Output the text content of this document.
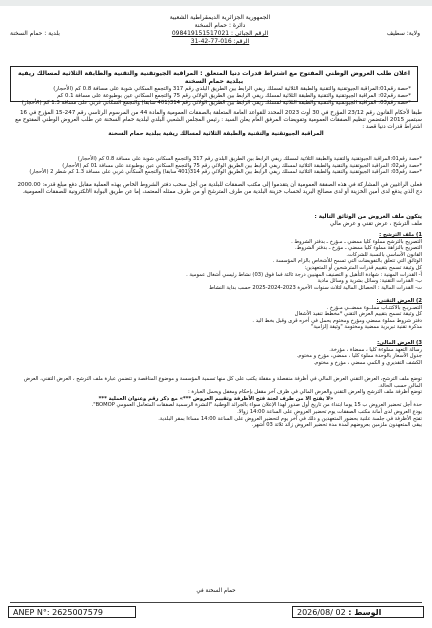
ولاية: سطيف
بلدية : حمام السخنة
الجمهورية الجزائرية الديمقراطية الشعبية
دائرة : حمام السخنة
الرقم الجبائي : 098419151517021
الرقم: 016-77-42-31
اعلان طلب العروض الوطني المفتوح مع اشتراط قدرات دنيا المتعلق : المراقبة الجيوتقنية والتقنية والطابقة الثلاثية لمسالك ريفية ببلدية حمام السخنة
*حصة رقم01:المراقبة الجيوتقنية والتقنية والطبقة الثلاثية لمسلك ريفي الرابط بين الطريق البلدي رقم 317 والتجمع السكاني شوبة على مسافة 0.8 كم (الأحجار)
*حصة رقم02: المراقبة الجيوتقنية والتقنية والطبقة الثلاثية لمسلك ريفي الرابط بين الطريق الولائي رقم 75 والتجمع السكاني عين بوطبوعة على مسافة 0.1 كم
*حصة رقم03: المراقبة الجيوتقنية والتقنية والطبقة الثلاثية لمسلك ريفي الرابط بين الطريق الولائي رقم 314(401 سابقا) والتجمع السكاني غربي على مسافة 1.3 كم (الأحجار)
طبقا لأحكام القانون رقم 23/12 المؤرخ في 30 أوت 2023 المحدد للقواعد العامة المتعلقة بالصفقات العمومية والمادة 44 من المرسوم الرئاسي رقم 247-15 المؤرخ في 16 سبتمبر 2015 المتضمن تنظيم الصفقات العمومية وتفويضات المرفق العام يعلن السيد : رئيس المجلس الشعبي البلدي لبلدية حمام السخنة عن طلب العروض الوطني المفتوح مع اشتراط قدرات دنيا قصد :
المراقبة الجيوتقنية والتقنية والطبقة الثلاثية لمسالك ريفية ببلدية حمام السخنة
*حصة رقم01:المراقبة الجيوتقنية والتقنية والطبقة الثلاثية لمسلك ريفي الرابط بين الطريق البلدي رقم 317 والتجمع السكاني شوبة على مسافة 0.8 كم (الأحجار)
*حصة رقم02: المراقبة الجيوتقنية والتقنية والطبقة الثلاثية لمسلك ريفي الرابط بين الطريق الولائي رقم 75 والتجمع السكاني عين بوطبوعة على مسافة 01 كم (الأحجار)
*حصة رقم03: المراقبة الجيوتقنية والتقنية والطبقة الثلاثية لمسلك ريفي الرابط بين الطريق الولائي رقم 314(401 سابقا) والتجمع السكاني غربي على مسافة 1.3 كم شطر 2 (الأحجار)
فعلى الراغبين في المشاركة في هذه الصفقة العمومية أن يتقدموا إلى مكتب الصفقات للبلدية من أجل سحب دفتر الشروط الخاص بهذه العملية مقابل دفع مبلغ قدره: 2000.00 دج الذي يدفع لدى أمين الخزينة أو لدى مصالح البريد لحساب خزينة البلدية من طرف المترشح أو من طرف ممثله المعتمد، إما عن طريق البوابة الالكترونية للصفقات العمومية.
يتكون ملف العروض من الوثائق التالية :
ملف الترشح ، عرض تقني و عرض مالي
1) ملف الترشح :
التصريح بالترشح مملوء كليا ممضي ـ مـؤرخ ـ بدفتر الشروط .
التصريح بالنزاهة مملوء كليا ممضي ـ مؤرخ ـ بدفتر الشروط.
القانون الأساسي بالنسبة للشركات.
الوثائق التي تتعلق بالتفويضات التي تسمح للأشخاص بالزام المؤسسة .
كل وثيقة تسمح بتقييم قدرات المترشحين أو المتعهدين:
أ- القدرات المهنية : شهادة التأهيل و التصنيف المهنيين درجة ثالثة فما فوق (03) نشاط رئيسي أشغال عمومية .
ب- القدرات التقنية: وسائل بشرية و وسائل مادية
ت- القدرات المالية : الحصائل المالية لثلاث سنوات الأخيرة 2023-2024-2025 حسب بداية النشاط
2) العرض التقني:
التصـريـح بالاكتتـاب مملــوء ممضــي مـؤرخ .
كل وثيقة تسمح بتقييم العرض التقني *مخطط تنفيذ الأشغال
دفتر شروط مملوء ممضي ومؤرخ ومختوم يحمل في أخره قرى وقبل بخط اليد .
مذكرة تقنية تبريرية ممضية ومختومة "وثيقة إلزامية"
3) العرض المالي:
رسالة التعهد مملوءة كليا ، ممضاة ، مؤرخة.
جدول الأسعار بالوحدة مملوء كليا ، ممضي، مؤرخ و مختوم.
الكشف التقديري و الكمي ممضي ، مؤرخ و مختوم.
توضع ملف الترشح، العرض التقني العرض المالي في أظرفة منفصلة و مقفلة يكتب على كل منها تسمية المؤسسة و موضوع المناقصة و تتضمن عبارة ملف الترشح ، العرض التقني، العرض المالي حسب الحالة.
توضع أظرفة ملف الترشح والعرض التقني والعرض المالي في ظرف آخر مقفل بإحكام ومغفل ويحمل العبارة :
«لا يفتح الا من طرف لجنة فتح الأظرفة وتقييم العروض ***» مع ذكر رقم وعنوان العملية ***
حدة أجل تحضير العروض ب 15 يوما ابتداء من تاريخ أول صدور لهذا الإعلان سواء بالجرائد الوطنية "النشرة الرسمية لصفقات المتعامل العمومي BOMOP".
يودع العروض لدى أمانة مكتب الصفقات يوم تحضير العروض على الساعة 14:00 زوالا.
تفتح الأظرفة في جلسة علنية بحضور المتعهدين و ذلك في آخر يوم لتحضير العروض على الساعة 14:00 مساءا بمقر البلدية.
يبقى المتعهدون ملزمين بعروضهم لمدة مدة تحضير العروض زائد ثلاثة 03 أشهر.
حمام السخنة في
ANEP N°: 2625007579	2026/08/ 02 : الوسط
